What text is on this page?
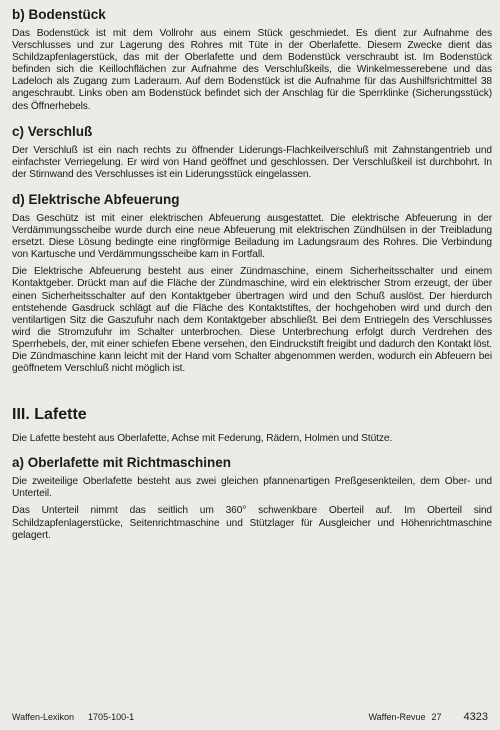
b) Bodenstück

Das Bodenstück ist mit dem Vollrohr aus einem Stück geschmiedet. Es dient zur Aufnahme des Verschlusses und zur Lagerung des Rohres mit Tüte in der Oberlafette. Diesem Zwecke dient das Schildzapfenlagerstück, das mit der Oberlafette und dem Bodenstück verschraubt ist. Im Bodenstück befinden sich die Keillochflächen zur Aufnahme des Verschlußkeils, die Winkelmesserebene und das Ladeloch als Zugang zum Laderaum. Auf dem Bodenstück ist die Aufnahme für das Aushilfsrichtmittel 38 angeschraubt. Links oben am Bodenstück befindet sich der Anschlag für die Sperrklinke (Sicherungsstück) des Öffnerhebels.

c) Verschluß

Der Verschluß ist ein nach rechts zu öffnender Liderungs-Flachkeilverschluß mit Zahnstangentrieb und einfachster Verriegelung. Er wird von Hand geöffnet und geschlossen. Der Verschlußkeil ist durchbohrt. In der Stirnwand des Verschlusses ist ein Liderungsstück eingelassen.

d) Elektrische Abfeuerung

Das Geschütz ist mit einer elektrischen Abfeuerung ausgestattet. Die elektrische Abfeuerung in der Verdämmungsscheibe wurde durch eine neue Abfeuerung mit elektrischen Zündhülsen in der Treibladung ersetzt. Diese Lösung bedingte eine ringförmige Beiladung im Ladungsraum des Rohres. Die Verbindung von Kartusche und Verdämmungsscheibe kam in Fortfall.

Die Elektrische Abfeuerung besteht aus einer Zündmaschine, einem Sicherheitsschalter und einem Kontaktgeber. Drückt man auf die Fläche der Zündmaschine, wird ein elektrischer Strom erzeugt, der über einen Sicherheitsschalter auf den Kontaktgeber übertragen wird und den Schuß auslöst. Der hierdurch entstehende Gasdruck schlägt auf die Fläche des Kontaktstiftes, der hochgehoben wird und durch den ventilartigen Sitz die Gaszufuhr nach dem Kontaktgeber abschließt. Bei dem Entriegeln des Verschlusses wird die Stromzufuhr im Schalter unterbrochen. Diese Unterbrechung erfolgt durch Verdrehen des Sperrhebels, der, mit einer schiefen Ebene versehen, den Eindruckstift freigibt und dadurch den Kontakt löst. Die Zündmaschine kann leicht mit der Hand vom Schalter abgenommen werden, wodurch ein Abfeuern bei geöffnetem Verschluß nicht möglich ist.

III. Lafette

Die Lafette besteht aus Oberlafette, Achse mit Federung, Rädern, Holmen und Stütze.

a) Oberlafette mit Richtmaschinen

Die zweiteilige Oberlafette besteht aus zwei gleichen pfannenartigen Preßgesenkteilen, dem Ober- und Unterteil.

Das Unterteil nimmt das seitlich um 360° schwenkbare Oberteil auf. Im Oberteil sind Schildzapfenlagerstücke, Seitenrichtmaschine und Stützlager für Ausgleicher und Höhenrichtmaschine gelagert.

Waffen-Lexikon 1705-100-1	Waffen-Revue 27 4323
